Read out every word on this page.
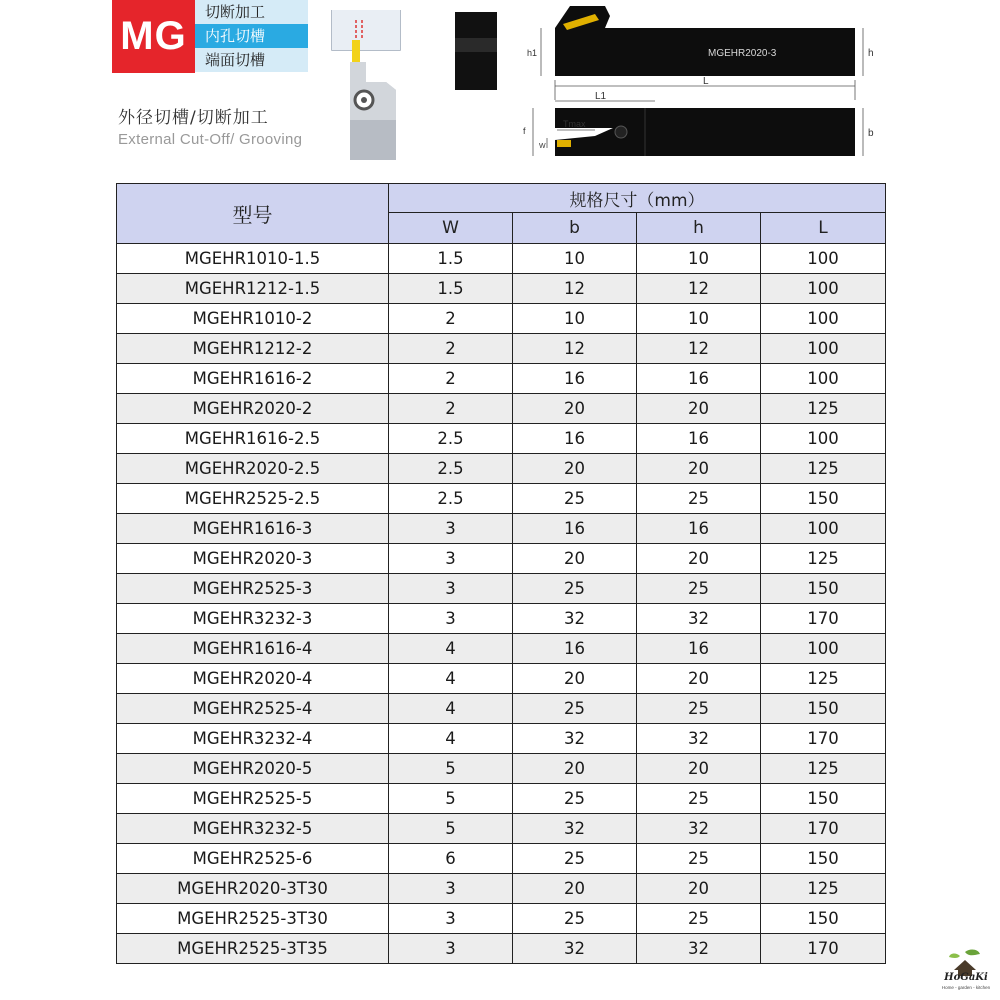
MG
切断加工
内孔切槽
端面切槽
外径切槽/切断加工
External Cut-Off/ Grooving
MGEHR2020-3
h1	h
L
L1
Tmax
f
W
b
型号	规格尺寸（mm）			
	W	b	h	L
MGEHR1010-1.5	1.5	10	10	100
MGEHR1212-1.5	1.5	12	12	100
MGEHR1010-2	2	10	10	100
MGEHR1212-2	2	12	12	100
MGEHR1616-2	2	16	16	100
MGEHR2020-2	2	20	20	125
MGEHR1616-2.5	2.5	16	16	100
MGEHR2020-2.5	2.5	20	20	125
MGEHR2525-2.5	2.5	25	25	150
MGEHR1616-3	3	16	16	100
MGEHR2020-3	3	20	20	125
MGEHR2525-3	3	25	25	150
MGEHR3232-3	3	32	32	170
MGEHR1616-4	4	16	16	100
MGEHR2020-4	4	20	20	125
MGEHR2525-4	4	25	25	150
MGEHR3232-4	4	32	32	170
MGEHR2020-5	5	20	20	125
MGEHR2525-5	5	25	25	150
MGEHR3232-5	5	32	32	170
MGEHR2525-6	6	25	25	150
MGEHR2020-3T30	3	20	20	125
MGEHR2525-3T30	3	25	25	150
MGEHR2525-3T35	3	32	32	170
HoGaKi
Home - garden - kitchen
